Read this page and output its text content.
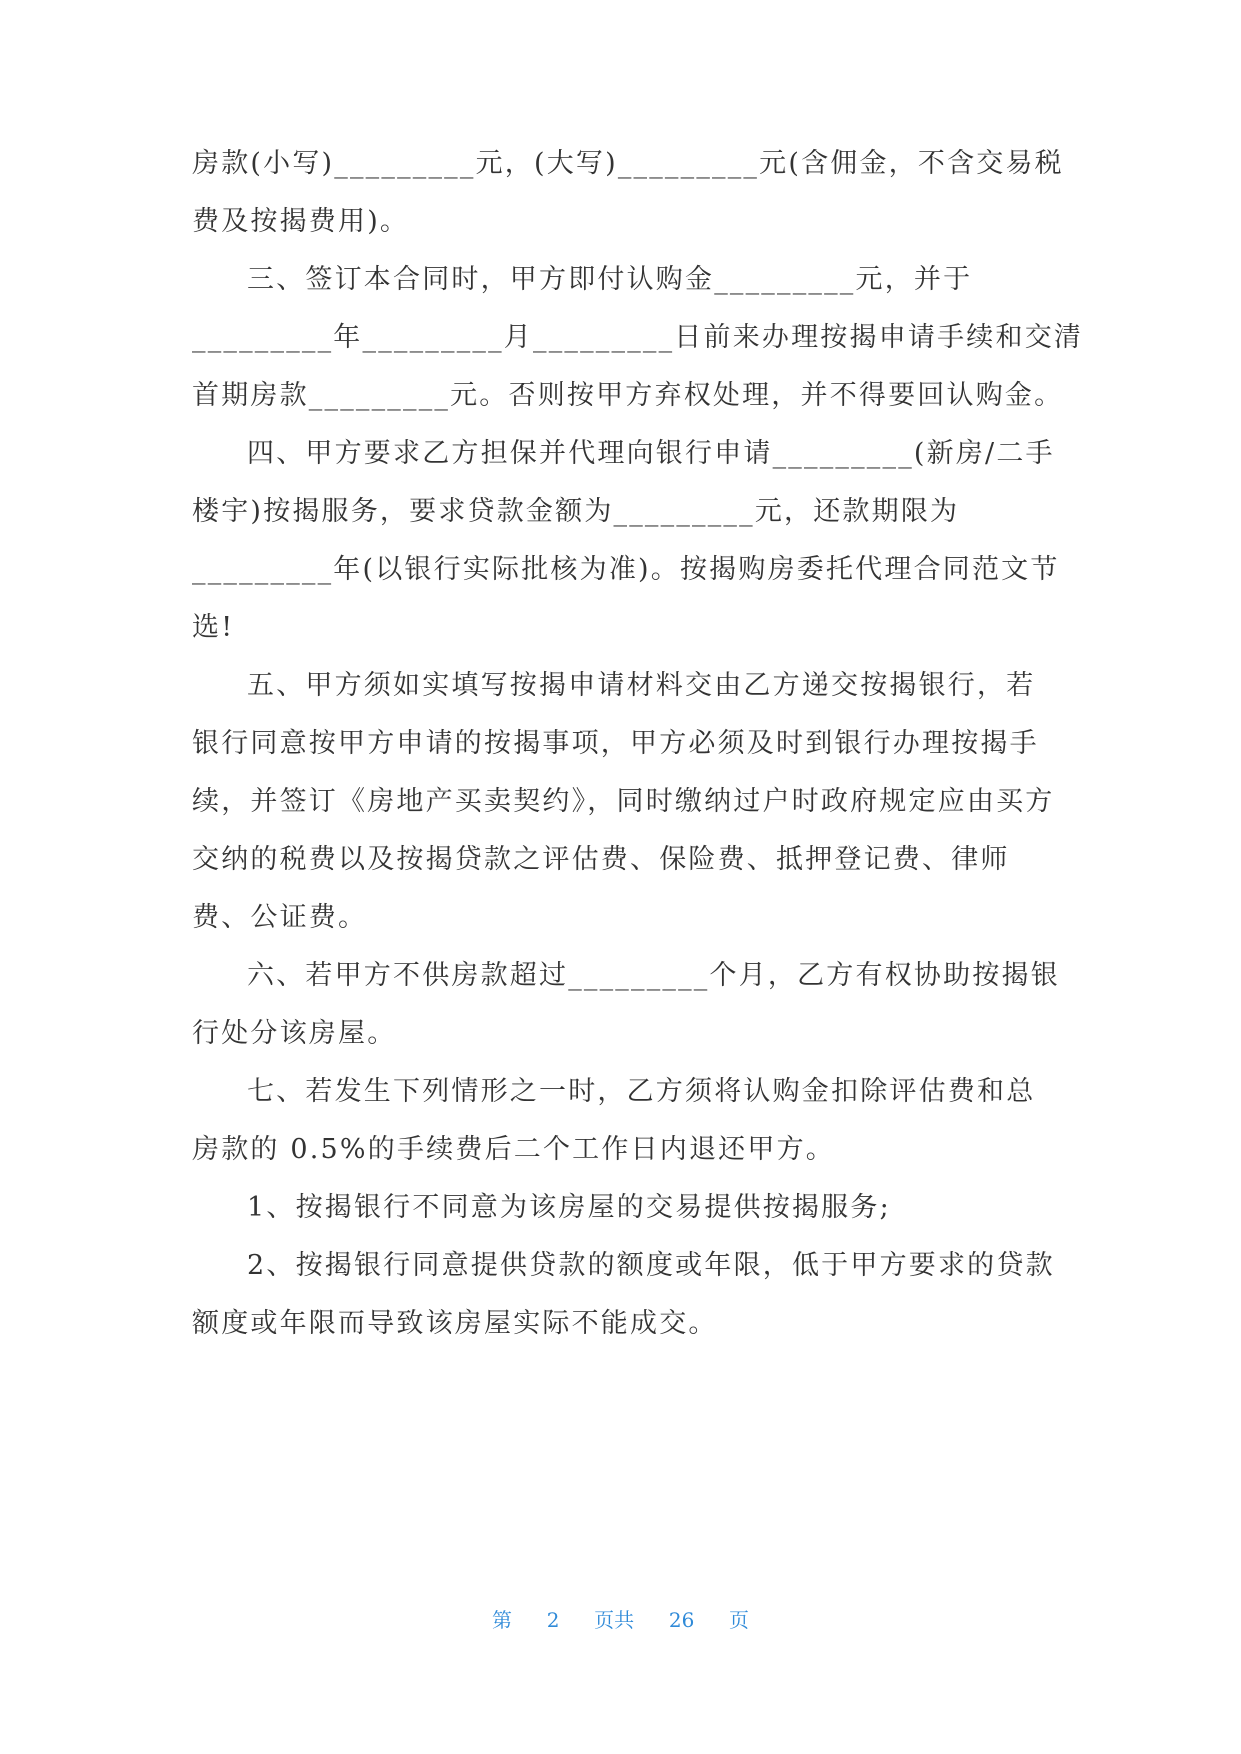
房款(小写)_________元，(大写)_________元(含佣金，不含交易税
费及按揭费用)。
三、签订本合同时，甲方即付认购金_________元，并于
_________年_________月_________日前来办理按揭申请手续和交清
首期房款_________元。否则按甲方弃权处理，并不得要回认购金。
四、甲方要求乙方担保并代理向银行申请_________(新房/二手
楼宇)按揭服务，要求贷款金额为_________元，还款期限为
_________年(以银行实际批核为准)。按揭购房委托代理合同范文节
选!
五、甲方须如实填写按揭申请材料交由乙方递交按揭银行，若
银行同意按甲方申请的按揭事项，甲方必须及时到银行办理按揭手
续，并签订《房地产买卖契约》，同时缴纳过户时政府规定应由买方
交纳的税费以及按揭贷款之评估费、保险费、抵押登记费、律师
费、公证费。
六、若甲方不供房款超过_________个月，乙方有权协助按揭银
行处分该房屋。
七、若发生下列情形之一时，乙方须将认购金扣除评估费和总
房款的 0.5%的手续费后二个工作日内退还甲方。
1、按揭银行不同意为该房屋的交易提供按揭服务;
2、按揭银行同意提供贷款的额度或年限，低于甲方要求的贷款
额度或年限而导致该房屋实际不能成交。
第 2 页共 26 页
